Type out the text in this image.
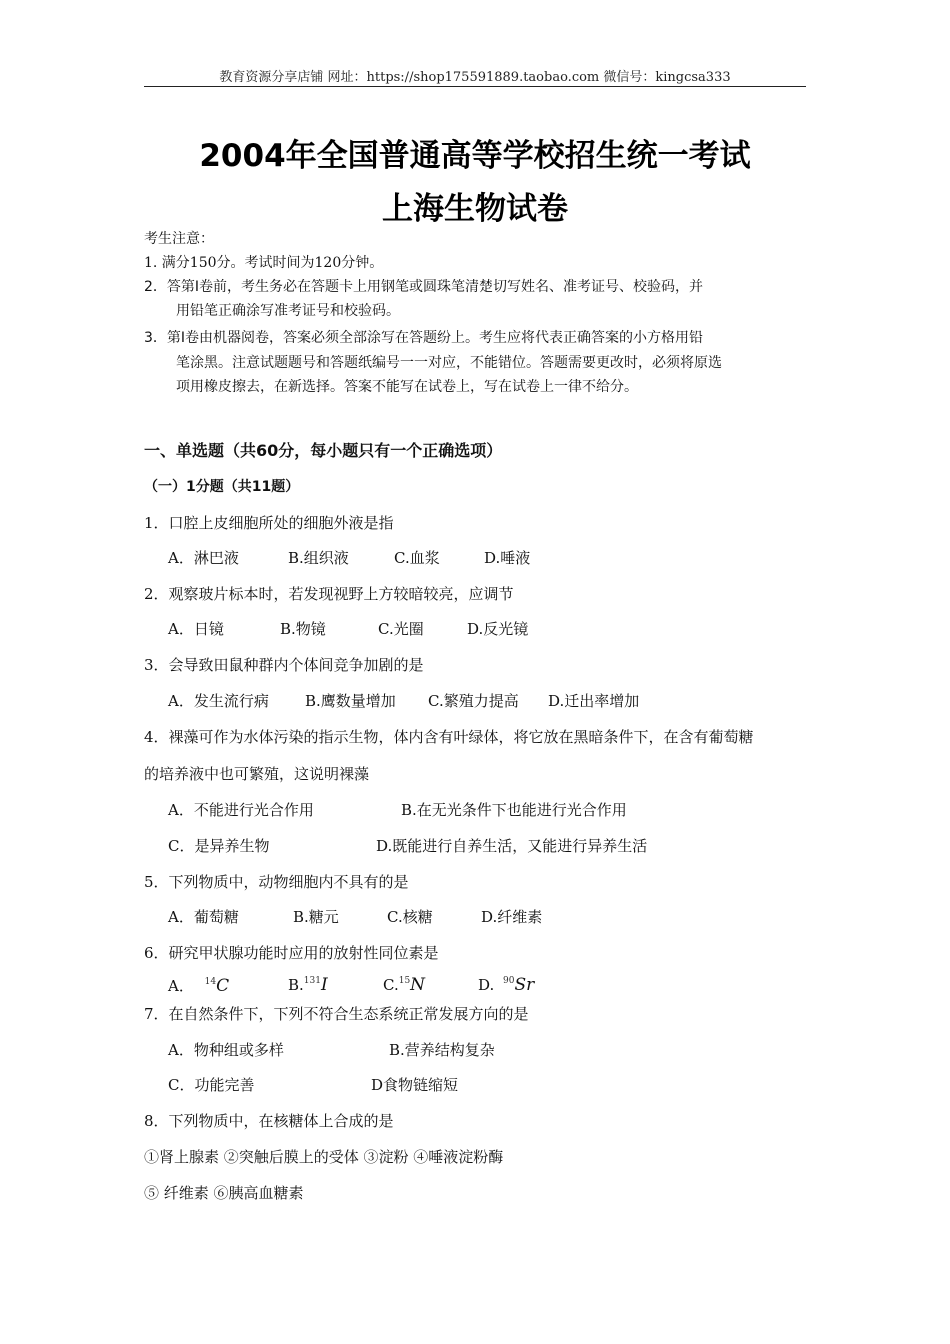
教育资源分享店铺 网址：https://shop175591889.taobao.com 微信号：kingcsa333
2004年全国普通高等学校招生统一考试
上海生物试卷
考生注意：
1. 满分150分。考试时间为120分钟。
2．答第Ⅰ卷前，考生务必在答题卡上用钢笔或圆珠笔清楚切写姓名、准考证号、校验码，并
用铅笔正确涂写准考证号和校验码。
3．第Ⅰ卷由机器阅卷，答案必须全部涂写在答题纷上。考生应将代表正确答案的小方格用铅
笔涂黑。注意试题题号和答题纸编号一一对应，不能错位。答题需要更改时，必须将原选
项用橡皮擦去，在新选择。答案不能写在试卷上，写在试卷上一律不给分。
一、单选题（共60分，每小题只有一个正确选项）
（一）1分题（共11题）
1．口腔上皮细胞所处的细胞外液是指
A．淋巴液	B.组织液	C.血浆	D.唾液
2．观察玻片标本时，若发现视野上方较暗较亮，应调节
A．日镜	B.物镜	C.光圈	D.反光镜
3．会导致田鼠种群内个体间竞争加剧的是
A．发生流行病 B.鹰数量增加 C.繁殖力提高 D.迁出率增加
4．裸藻可作为水体污染的指示生物，体内含有叶绿体，将它放在黑暗条件下，在含有葡萄糖
的培养液中也可繁殖，这说明裸藻
A．不能进行光合作用	B.在无光条件下也能进行光合作用
C．是异养生物	D.既能进行自养生活，又能进行异养生活
5．下列物质中，动物细胞内不具有的是
A．葡萄糖	B.糖元	C.核糖	D.纤维素
6．研究甲状腺功能时应用的放射性同位素是
A． $^{14}$C	B.$^{131}$I	C.$^{15}$N	D. $^{90}$Sr
7．在自然条件下，下列不符合生态系统正常发展方向的是
A．物种组或多样	B.营养结构复杂
C．功能完善	D食物链缩短
8．下列物质中，在核糖体上合成的是
①肾上腺素 ②突触后膜上的受体 ③淀粉 ④唾液淀粉酶
⑤ 纤维素 ⑥胰高血糖素
